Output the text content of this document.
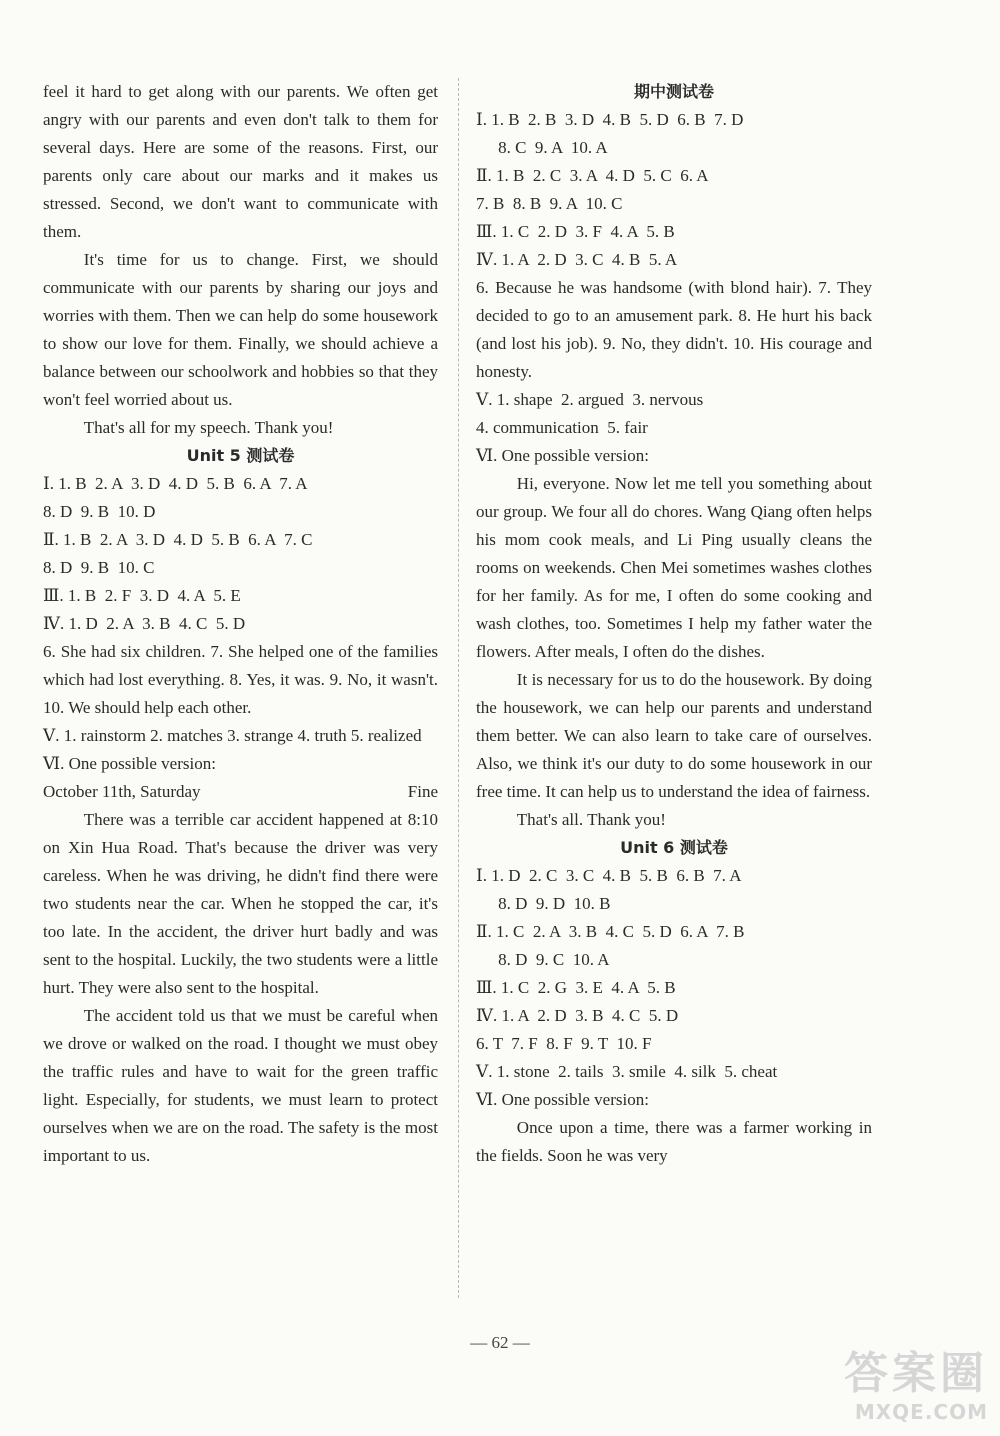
feel it hard to get along with our parents. We often get angry with our parents and even don't talk to them for several days. Here are some of the reasons. First, our parents only care about our marks and it makes us stressed. Second, we don't want to communicate with them.

It's time for us to change. First, we should communicate with our parents by sharing our joys and worries with them. Then we can help do some housework to show our love for them. Finally, we should achieve a balance between our schoolwork and hobbies so that they won't feel worried about us.

That's all for my speech. Thank you!

Unit 5 测试卷

Ⅰ. 1. B  2. A  3. D  4. D  5. B  6. A  7. A

8. D  9. B  10. D

Ⅱ. 1. B  2. A  3. D  4. D  5. B  6. A  7. C

8. D  9. B  10. C

Ⅲ. 1. B  2. F  3. D  4. A  5. E

Ⅳ. 1. D  2. A  3. B  4. C  5. D

6. She had six children. 7. She helped one of the families which had lost everything. 8. Yes, it was. 9. No, it wasn't. 10. We should help each other.

Ⅴ. 1. rainstorm 2. matches 3. strange 4. truth 5. realized

Ⅵ. One possible version:

October 11th, Saturday	Fine

There was a terrible car accident happened at 8:10 on Xin Hua Road. That's because the driver was very careless. When he was driving, he didn't find there were two students near the car. When he stopped the car, it's too late. In the accident, the driver hurt badly and was sent to the hospital. Luckily, the two students were a little hurt. They were also sent to the hospital.

The accident told us that we must be careful when we drove or walked on the road. I thought we must obey the traffic rules and have to wait for the green traffic light. Especially, for students, we must learn to protect ourselves when we are on the road. The safety is the most important to us.

期中测试卷

Ⅰ. 1. B  2. B  3. D  4. B  5. D  6. B  7. D

8. C  9. A  10. A

Ⅱ. 1. B  2. C  3. A  4. D  5. C  6. A

7. B  8. B  9. A  10. C

Ⅲ. 1. C  2. D  3. F  4. A  5. B

Ⅳ. 1. A  2. D  3. C  4. B  5. A

6. Because he was handsome (with blond hair). 7. They decided to go to an amusement park. 8. He hurt his back (and lost his job). 9. No, they didn't. 10. His courage and honesty.

Ⅴ. 1. shape  2. argued  3. nervous

4. communication  5. fair

Ⅵ. One possible version:

Hi, everyone. Now let me tell you something about our group. We four all do chores. Wang Qiang often helps his mom cook meals, and Li Ping usually cleans the rooms on weekends. Chen Mei sometimes washes clothes for her family. As for me, I often do some cooking and wash clothes, too. Sometimes I help my father water the flowers. After meals, I often do the dishes.

It is necessary for us to do the housework. By doing the housework, we can help our parents and understand them better. We can also learn to take care of ourselves. Also, we think it's our duty to do some housework in our free time. It can help us to understand the idea of fairness.

That's all. Thank you!

Unit 6 测试卷

Ⅰ. 1. D  2. C  3. C  4. B  5. B  6. B  7. A

8. D  9. D  10. B

Ⅱ. 1. C  2. A  3. B  4. C  5. D  6. A  7. B

8. D  9. C  10. A

Ⅲ. 1. C  2. G  3. E  4. A  5. B

Ⅳ. 1. A  2. D  3. B  4. C  5. D

6. T  7. F  8. F  9. T  10. F

Ⅴ. 1. stone  2. tails  3. smile  4. silk  5. cheat

Ⅵ. One possible version:

Once upon a time, there was a farmer working in the fields. Soon he was very

— 62 —
答案圈
MXQE.COM
